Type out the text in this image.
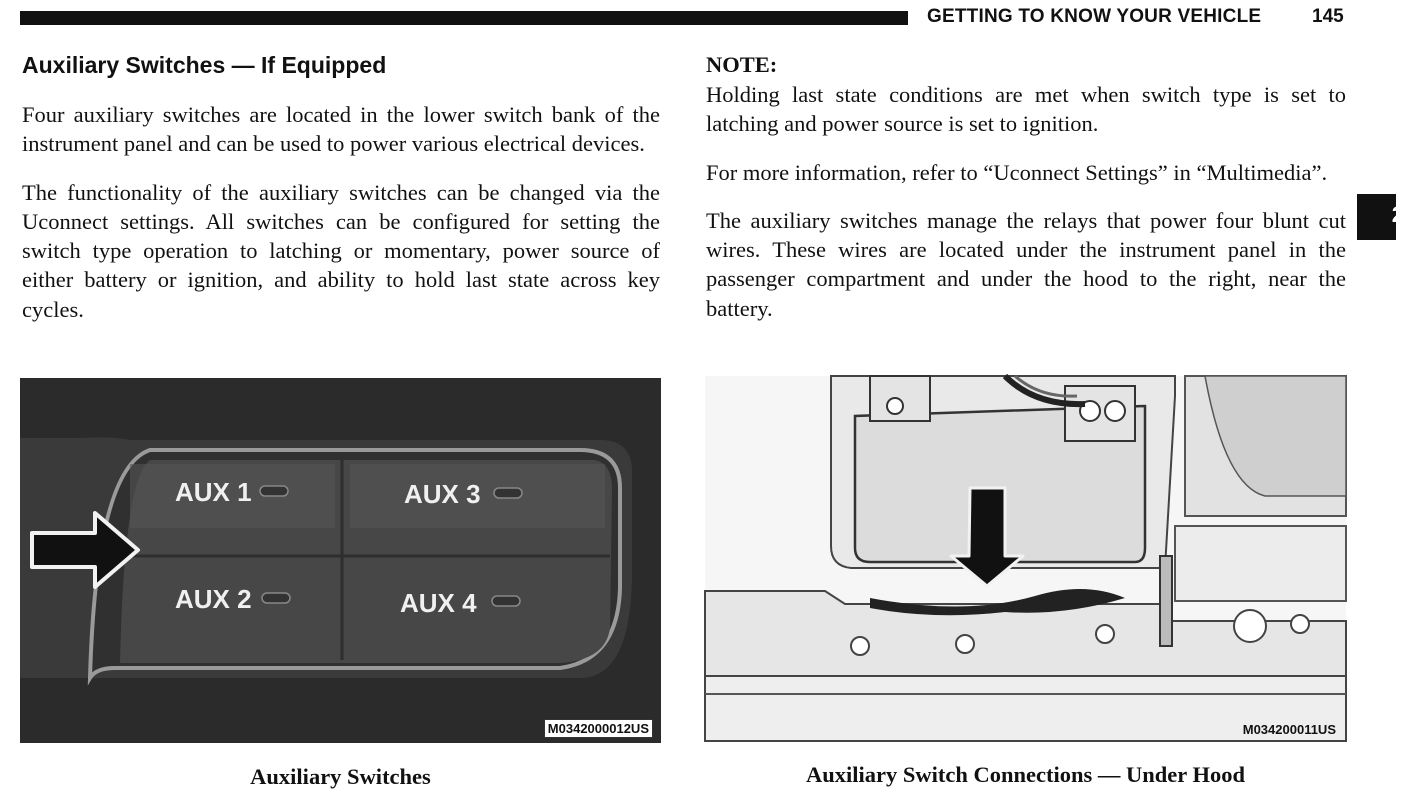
GETTING TO KNOW YOUR VEHICLE	145
2
Auxiliary Switches — If Equipped

Four auxiliary switches are located in the lower switch bank of the instrument panel and can be used to power various electrical devices.

The functionality of the auxiliary switches can be changed via the Uconnect settings. All switches can be configured for setting the switch type operation to latching or momentary, power source of either battery or ignition, and ability to hold last state across key cycles.

NOTE:

Holding last state conditions are met when switch type is set to latching and power source is set to ignition.

For more information, refer to “Uconnect Settings” in “Multimedia”.

The auxiliary switches manage the relays that power four blunt cut wires. These wires are located under the instrument panel in the passenger compartment and under the hood to the right, near the battery.

AUX 1	AUX 3
AUX 2	AUX 4
M0342000012US
Auxiliary Switches
M034200011US
Auxiliary Switch Connections — Under Hood
